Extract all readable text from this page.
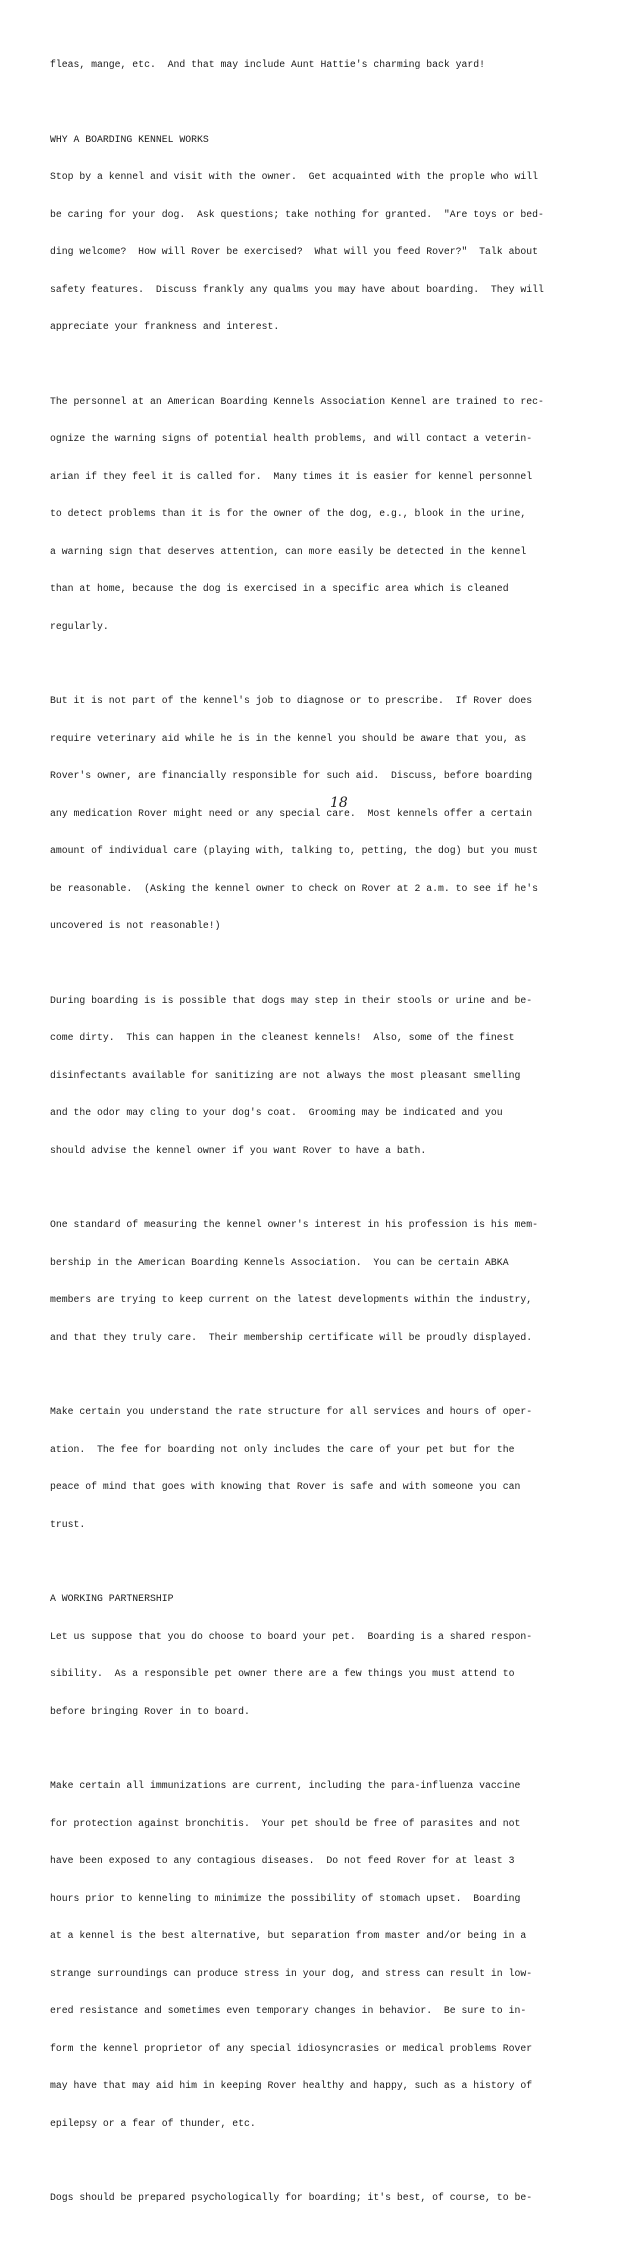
fleas, mange, etc.  And that may include Aunt Hattie's charming back yard!

WHY A BOARDING KENNEL WORKS

Stop by a kennel and visit with the owner.  Get acquainted with the prople who will

be caring for your dog.  Ask questions; take nothing for granted.  "Are toys or bed-

ding welcome?  How will Rover be exercised?  What will you feed Rover?"  Talk about

safety features.  Discuss frankly any qualms you may have about boarding.  They will

appreciate your frankness and interest.

The personnel at an American Boarding Kennels Association Kennel are trained to rec-

ognize the warning signs of potential health problems, and will contact a veterin-

arian if they feel it is called for.  Many times it is easier for kennel personnel

to detect problems than it is for the owner of the dog, e.g., blook in the urine,

a warning sign that deserves attention, can more easily be detected in the kennel

than at home, because the dog is exercised in a specific area which is cleaned

regularly.

But it is not part of the kennel's job to diagnose or to prescribe.  If Rover does

require veterinary aid while he is in the kennel you should be aware that you, as

Rover's owner, are financially responsible for such aid.  Discuss, before boarding

any medication Rover might need or any special care.  Most kennels offer a certain

amount of individual care (playing with, talking to, petting, the dog) but you must

be reasonable.  (Asking the kennel owner to check on Rover at 2 a.m. to see if he's

uncovered is not reasonable!)

During boarding is is possible that dogs may step in their stools or urine and be-

come dirty.  This can happen in the cleanest kennels!  Also, some of the finest

disinfectants available for sanitizing are not always the most pleasant smelling

and the odor may cling to your dog's coat.  Grooming may be indicated and you

should advise the kennel owner if you want Rover to have a bath.

One standard of measuring the kennel owner's interest in his profession is his mem-

bership in the American Boarding Kennels Association.  You can be certain ABKA

members are trying to keep current on the latest developments within the industry,

and that they truly care.  Their membership certificate will be proudly displayed.

Make certain you understand the rate structure for all services and hours of oper-

ation.  The fee for boarding not only includes the care of your pet but for the

peace of mind that goes with knowing that Rover is safe and with someone you can

trust.

A WORKING PARTNERSHIP

Let us suppose that you do choose to board your pet.  Boarding is a shared respon-

sibility.  As a responsible pet owner there are a few things you must attend to

before bringing Rover in to board.

Make certain all immunizations are current, including the para-influenza vaccine

for protection against bronchitis.  Your pet should be free of parasites and not

have been exposed to any contagious diseases.  Do not feed Rover for at least 3

hours prior to kenneling to minimize the possibility of stomach upset.  Boarding

at a kennel is the best alternative, but separation from master and/or being in a

strange surroundings can produce stress in your dog, and stress can result in low-

ered resistance and sometimes even temporary changes in behavior.  Be sure to in-

form the kennel proprietor of any special idiosyncrasies or medical problems Rover

may have that may aid him in keeping Rover healthy and happy, such as a history of

epilepsy or a fear of thunder, etc.

Dogs should be prepared psychologically for boarding; it's best, of course, to be-

18
